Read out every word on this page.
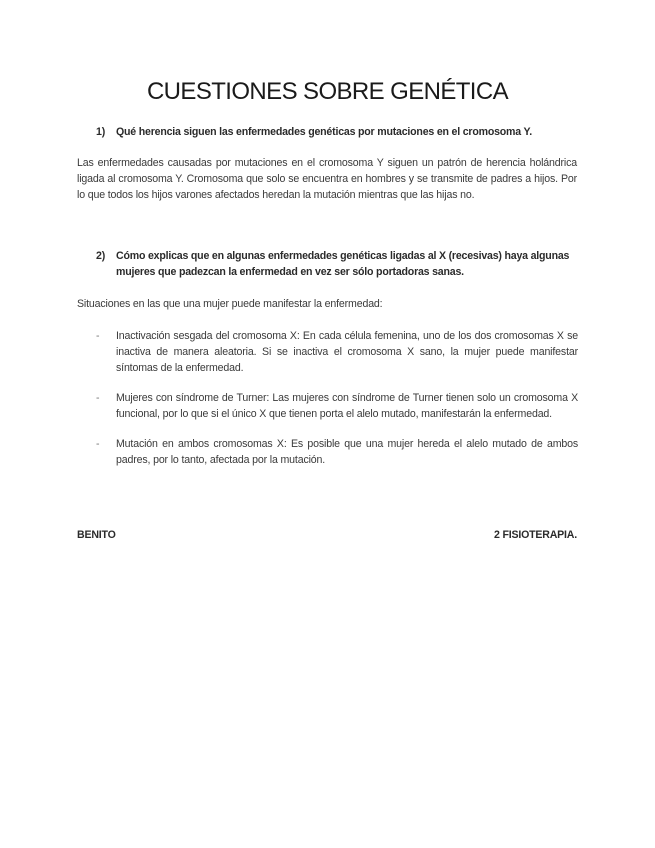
CUESTIONES SOBRE GENÉTICA
1) Qué herencia siguen las enfermedades genéticas por mutaciones en el cromosoma Y.

Las enfermedades causadas por mutaciones en el cromosoma Y siguen un patrón de herencia holándrica ligada al cromosoma Y. Cromosoma que solo se encuentra en hombres y se transmite de padres a hijos. Por lo que todos los hijos varones afectados heredan la mutación mientras que las hijas no.

2) Cómo explicas que en algunas enfermedades genéticas ligadas al X (recesivas) haya algunas mujeres que padezcan la enfermedad en vez ser sólo portadoras sanas.

Situaciones en las que una mujer puede manifestar la enfermedad:

- Inactivación sesgada del cromosoma X: En cada célula femenina, uno de los dos cromosomas X se inactiva de manera aleatoria. Si se inactiva el cromosoma X sano, la mujer puede manifestar síntomas de la enfermedad.
- Mujeres con síndrome de Turner: Las mujeres con síndrome de Turner tienen solo un cromosoma X funcional, por lo que si el único X que tienen porta el alelo mutado, manifestarán la enfermedad.
- Mutación en ambos cromosomas X: Es posible que una mujer hereda el alelo mutado de ambos padres, por lo tanto, afectada por la mutación.
BENITO	2 FISIOTERAPIA.
